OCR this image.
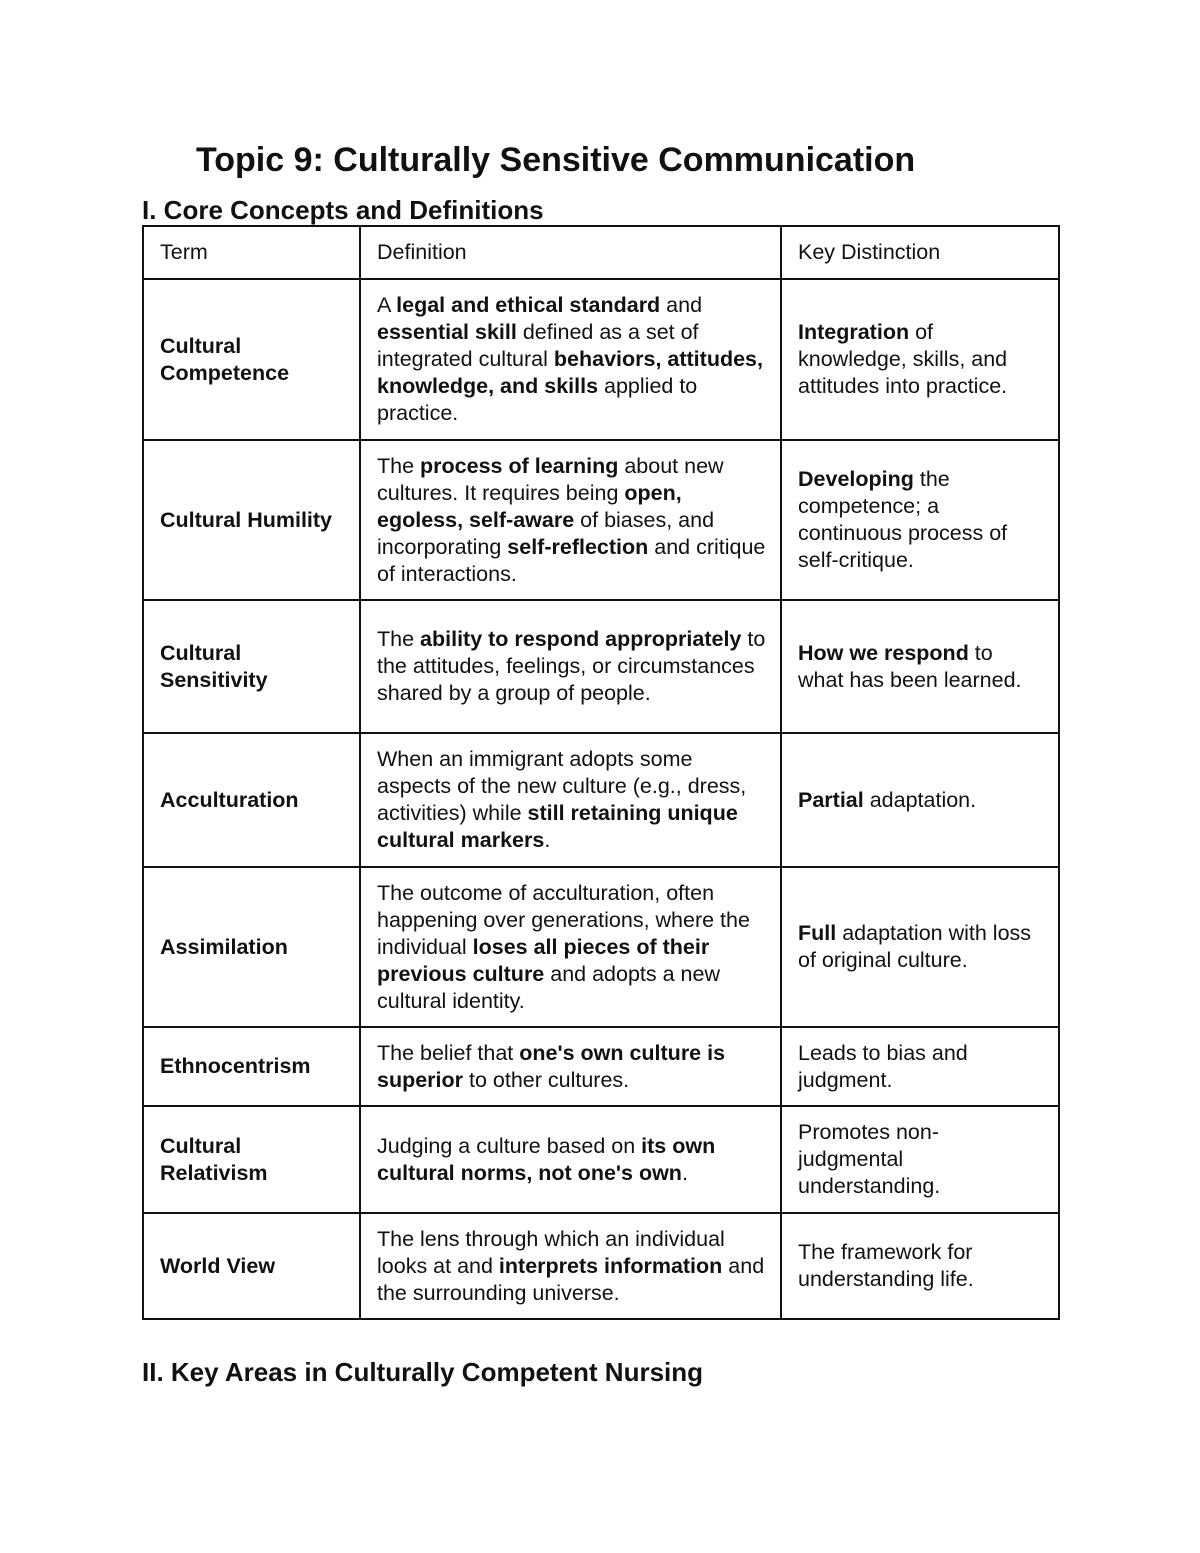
Topic 9: Culturally Sensitive Communication
I. Core Concepts and Definitions
Term	Definition	Key Distinction
Cultural Competence	A legal and ethical standard and essential skill defined as a set of integrated cultural behaviors, attitudes, knowledge, and skills applied to practice.	Integration of knowledge, skills, and attitudes into practice.
Cultural Humility	The process of learning about new cultures. It requires being open, egoless, self-aware of biases, and incorporating self-reflection and critique of interactions.	Developing the competence; a continuous process of self-critique.
Cultural Sensitivity	The ability to respond appropriately to the attitudes, feelings, or circumstances shared by a group of people.	How we respond to what has been learned.
Acculturation	When an immigrant adopts some aspects of the new culture (e.g., dress, activities) while still retaining unique cultural markers.	Partial adaptation.
Assimilation	The outcome of acculturation, often happening over generations, where the individual loses all pieces of their previous culture and adopts a new cultural identity.	Full adaptation with loss of original culture.
Ethnocentrism	The belief that one's own culture is superior to other cultures.	Leads to bias and judgment.
Cultural Relativism	Judging a culture based on its own cultural norms, not one's own.	Promotes non-judgmental understanding.
World View	The lens through which an individual looks at and interprets information and the surrounding universe.	The framework for understanding life.
II. Key Areas in Culturally Competent Nursing
